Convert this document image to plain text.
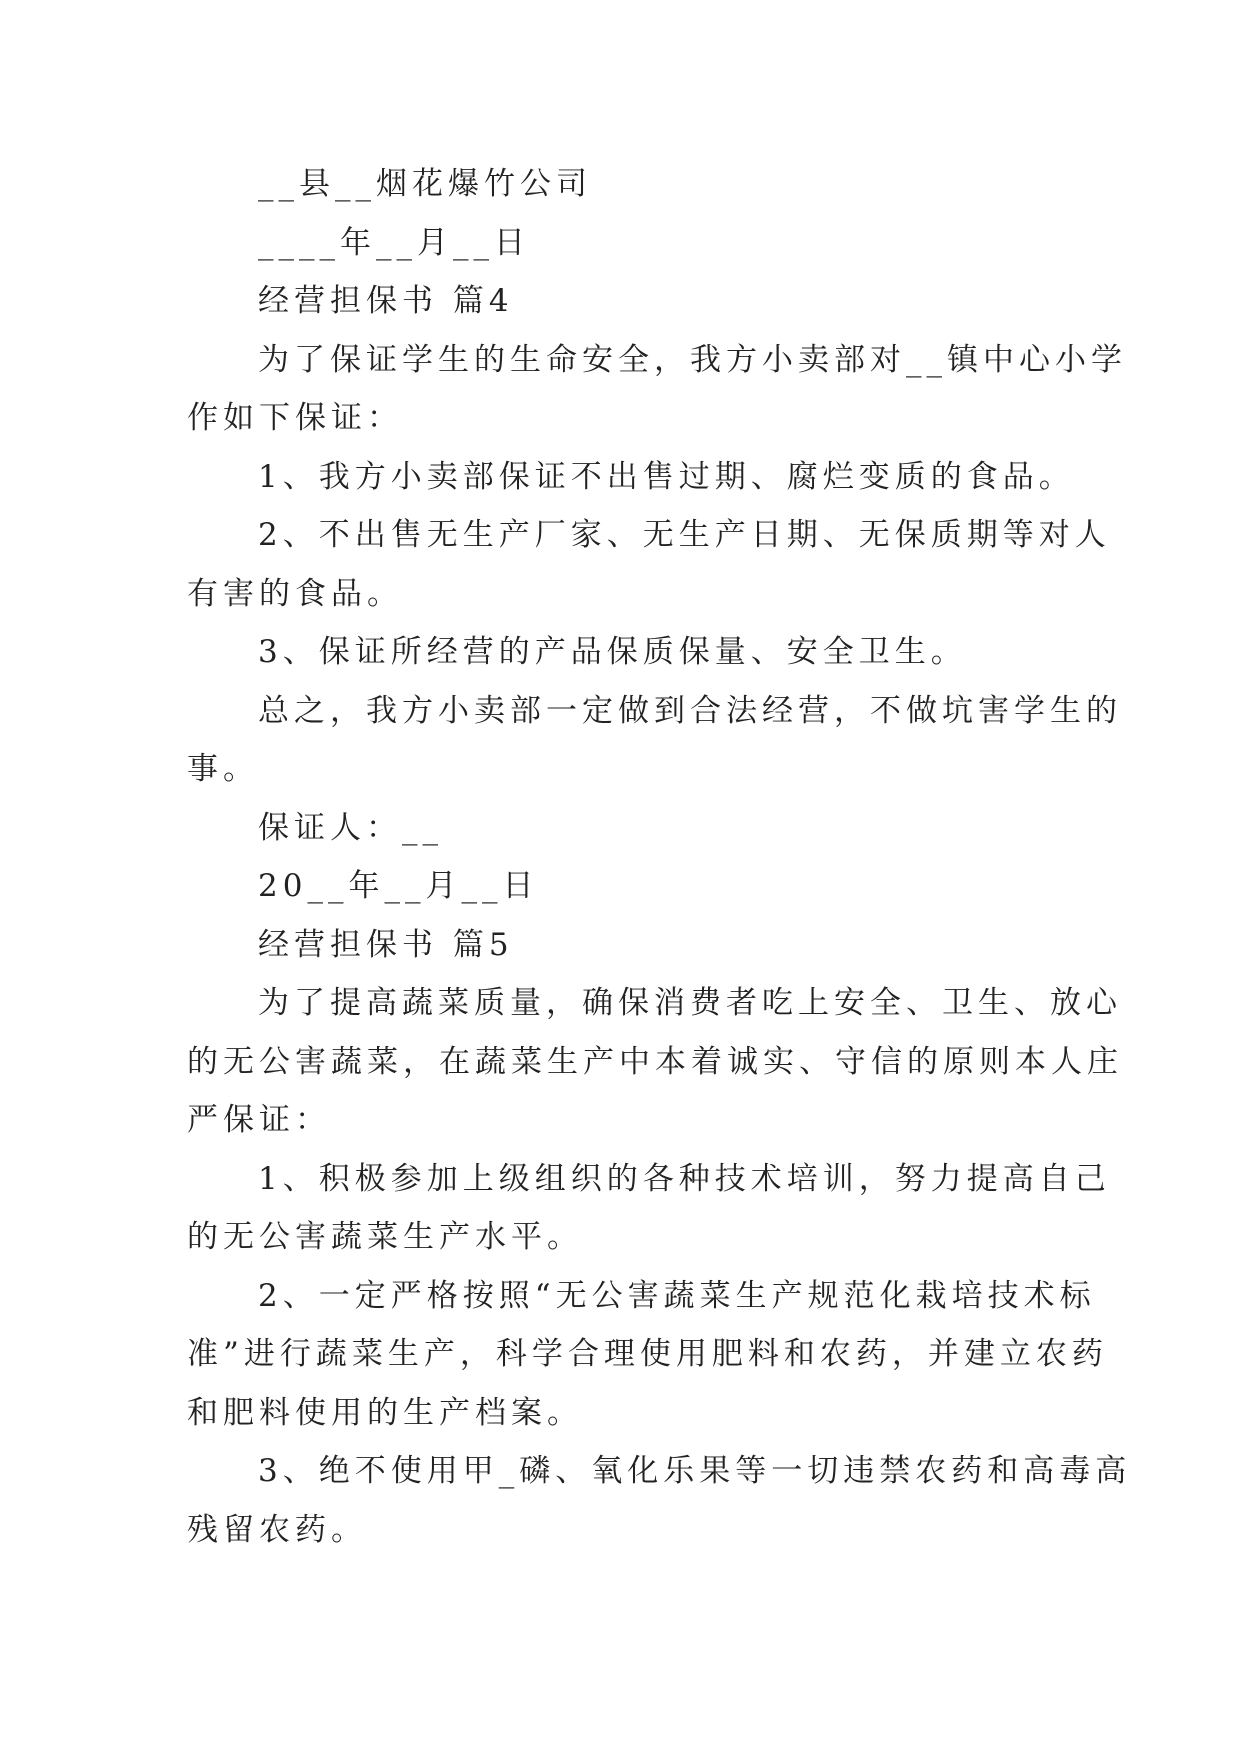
__县__烟花爆竹公司
____年__月__日
经营担保书 篇4
为了保证学生的生命安全，我方小卖部对__镇中心小学
作如下保证：
1、我方小卖部保证不出售过期、腐烂变质的食品。
2、不出售无生产厂家、无生产日期、无保质期等对人
有害的食品。
3、保证所经营的产品保质保量、安全卫生。
总之，我方小卖部一定做到合法经营，不做坑害学生的
事。
保证人：__
20__年__月__日
经营担保书 篇5
为了提高蔬菜质量，确保消费者吃上安全、卫生、放心
的无公害蔬菜，在蔬菜生产中本着诚实、守信的原则本人庄
严保证：
1、积极参加上级组织的各种技术培训，努力提高自己
的无公害蔬菜生产水平。
2、一定严格按照“无公害蔬菜生产规范化栽培技术标
准”进行蔬菜生产，科学合理使用肥料和农药，并建立农药
和肥料使用的生产档案。
3、绝不使用甲_磷、氧化乐果等一切违禁农药和高毒高
残留农药。
